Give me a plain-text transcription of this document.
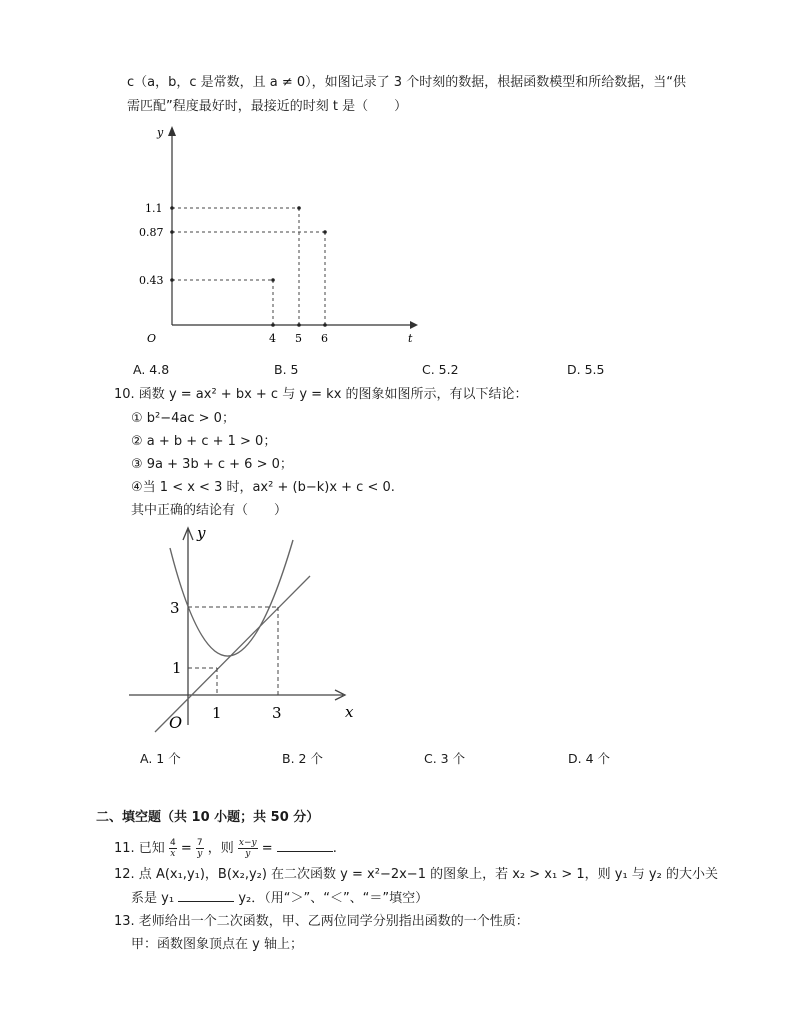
c（a，b，c 是常数，且 a ≠ 0），如图记录了 3 个时刻的数据，根据函数模型和所给数据，当“供
需匹配”程度最好时，最接近的时刻 t 是（　　）
y
t
O
1.1
0.87
0.43
4 5 6
A. 4.8	B. 5	C. 5.2	D. 5.5
10. 函数 y = ax² + bx + c 与 y = kx 的图象如图所示，有以下结论：
① b²−4ac > 0；
② a + b + c + 1 > 0；
③ 9a + 3b + c + 6 > 0；
④当 1 < x < 3 时，ax² + (b−k)x + c < 0.
其中正确的结论有（　　）
y
x
O
3
1
1	3
A. 1 个	B. 2 个	C. 3 个	D. 4 个
二、填空题（共 10 小题；共 50 分）
11. 已知 $\frac{4}{x} = \frac{7}{y}$ ，则 $\frac{x-y}{y}$ =	.
12. 点 A(x₁,y₁)，B(x₂,y₂) 在二次函数 y = x²−2x−1 的图象上，若 x₂ > x₁ > 1，则 y₁ 与 y₂ 的大小关
系是 y₁	y₂．（用“＞”、“＜”、“＝”填空）
13. 老师给出一个二次函数，甲、乙两位同学分别指出函数的一个性质：
甲：函数图象顶点在 y 轴上；
